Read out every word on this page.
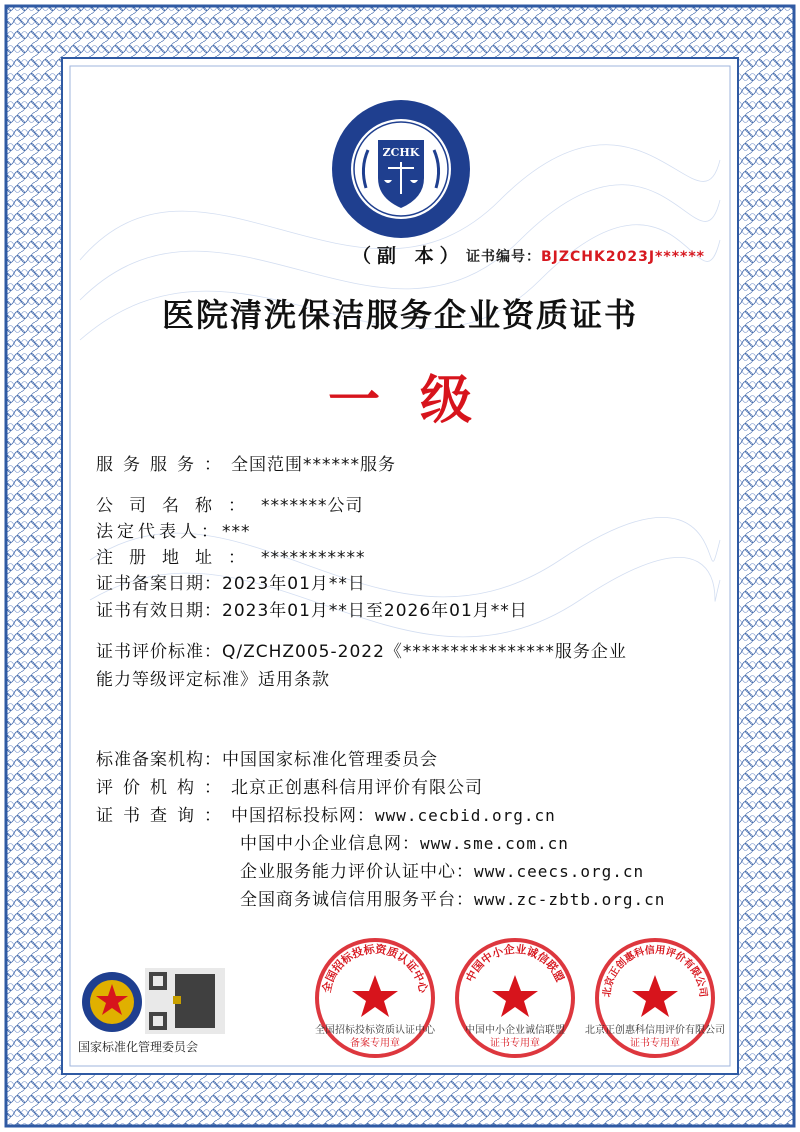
ZCHK
（副 本） 证书编号：BJZCHK2023J******
医院清洗保洁服务企业资质证书
一级
服务服务：全国范围******服务
公司名称：*******公司
法定代表人：***
注册地址：***********
证书备案日期：2023年01月**日
证书有效日期：2023年01月**日至2026年01月**日
证书评价标准：Q/ZCHZ005-2022《****************服务企业
能力等级评定标准》适用条款
标准备案机构：中国国家标准化管理委员会
评价机构：北京正创惠科信用评价有限公司
证书查询：中国招标投标网：www.cecbid.org.cn
中国中小企业信息网：www.sme.com.cn
企业服务能力评价认证中心：www.ceecs.org.cn
全国商务诚信信用服务平台：www.zc-zbtb.org.cn
国家标准化管理委员会
全国招标投标资质认证中心
全国招标投标资质认证中心
备案专用章
中国中小企业诚信联盟
中国中小企业诚信联盟
证书专用章
北京正创惠科信用评价有限公司
北京正创惠科信用评价有限公司
证书专用章
